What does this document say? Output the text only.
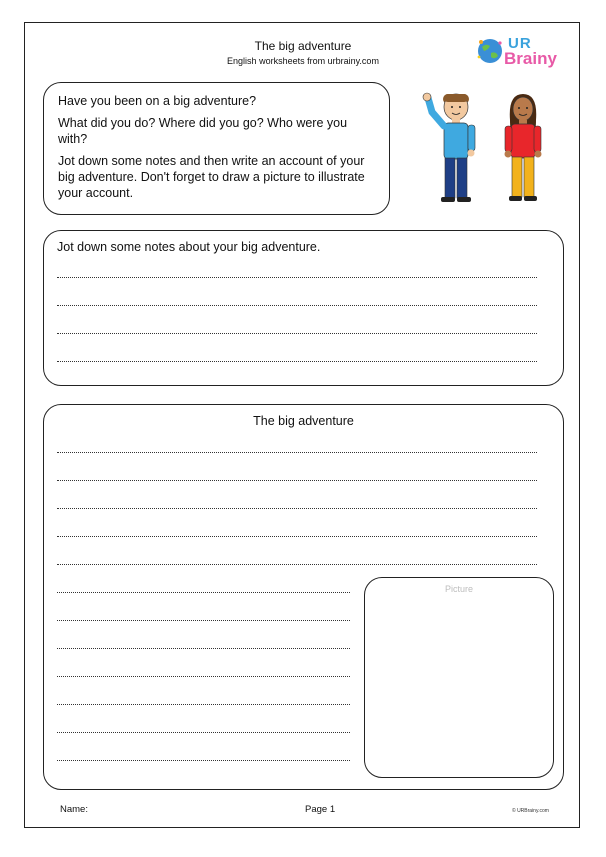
The big adventure
English worksheets from urbrainy.com
UR
Brainy

Have you been on a big adventure?

What did you do? Where did you go? Who were you with?

Jot down some notes and then write an account of your big adventure. Don't forget to draw a picture to illustrate your account.

Jot down some notes about your big adventure.
The big adventure
Picture
Name:	Page 1	© URBrainy.com
